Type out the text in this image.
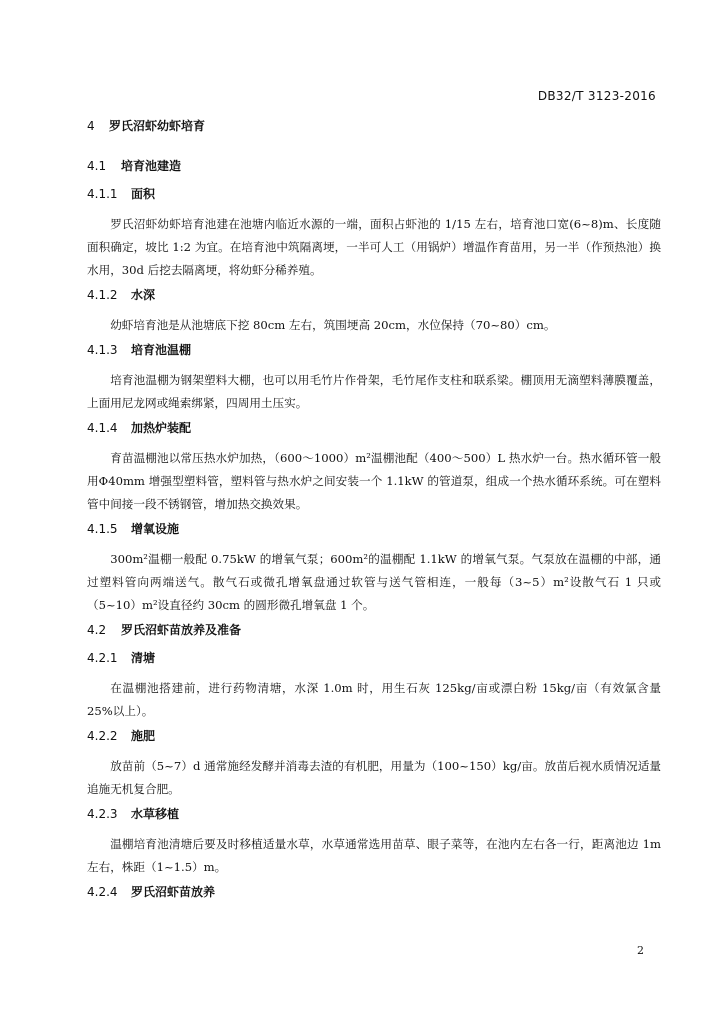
DB32/T 3123-2016
4 罗氏沼虾幼虾培育
4.1 培育池建造
4.1.1 面积

罗氏沼虾幼虾培育池建在池塘内临近水源的一端，面积占虾池的 1/15 左右，培育池口宽(6~8)m、长度随面积确定，坡比 1:2 为宜。在培育池中筑隔离埂，一半可人工（用锅炉）增温作育苗用，另一半（作预热池）换水用，30d 后挖去隔离埂，将幼虾分稀养殖。

4.1.2 水深

幼虾培育池是从池塘底下挖 80cm 左右，筑围埂高 20cm，水位保持（70~80）cm。

4.1.3 培育池温棚

培育池温棚为钢架塑料大棚，也可以用毛竹片作骨架，毛竹尾作支柱和联系梁。棚顶用无滴塑料薄膜覆盖，上面用尼龙网或绳索绑紧，四周用土压实。

4.1.4 加热炉装配

育苗温棚池以常压热水炉加热，（600～1000）m²温棚池配（400～500）L 热水炉一台。热水循环管一般用Φ40mm 增强型塑料管，塑料管与热水炉之间安装一个 1.1kW 的管道泵，组成一个热水循环系统。可在塑料管中间接一段不锈钢管，增加热交换效果。

4.1.5 增氧设施

300m²温棚一般配 0.75kW 的增氧气泵；600m²的温棚配 1.1kW 的增氧气泵。气泵放在温棚的中部，通过塑料管向两端送气。散气石或微孔增氧盘通过软管与送气管相连，一般每（3~5）m²设散气石 1 只或（5~10）m²设直径约 30cm 的圆形微孔增氧盘 1 个。

4.2 罗氏沼虾苗放养及准备
4.2.1 清塘

在温棚池搭建前，进行药物清塘，水深 1.0m 时，用生石灰 125kg/亩或漂白粉 15kg/亩（有效氯含量 25%以上）。

4.2.2 施肥

放苗前（5~7）d 通常施经发酵并消毒去渣的有机肥，用量为（100~150）kg/亩。放苗后视水质情况适量追施无机复合肥。

4.2.3 水草移植

温棚培育池清塘后要及时移植适量水草，水草通常选用苗草、眼子菜等，在池内左右各一行，距离池边 1m 左右，株距（1~1.5）m。

4.2.4 罗氏沼虾苗放养
2
